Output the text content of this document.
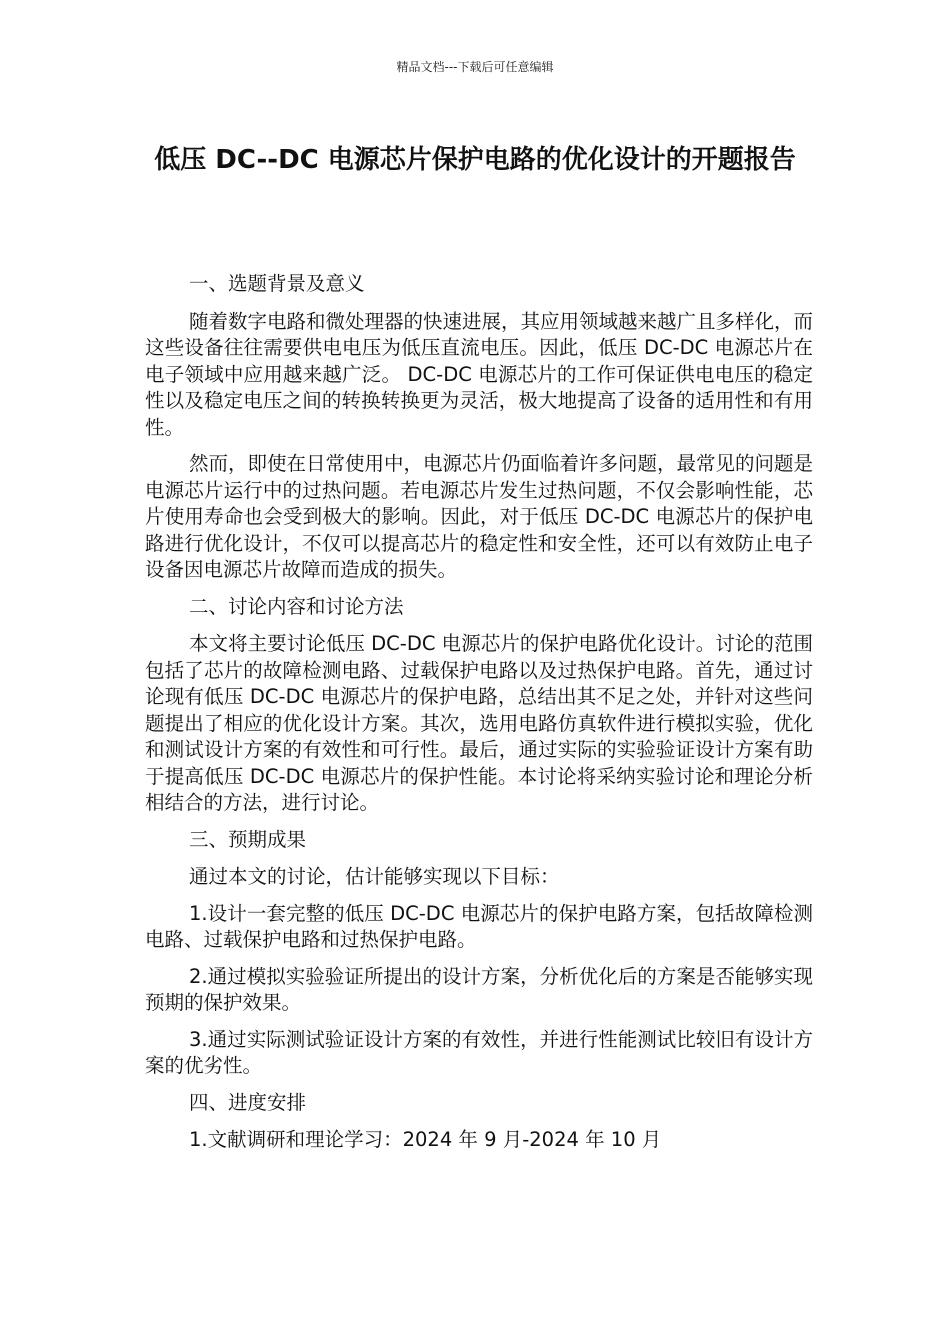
精品文档---下载后可任意编辑
低压 DC--DC 电源芯片保护电路的优化设计的开题报告

一、选题背景及意义

随着数字电路和微处理器的快速进展，其应用领域越来越广且多样化，而这些设备往往需要供电电压为低压直流电压。因此，低压 DC-DC 电源芯片在电子领域中应用越来越广泛。 DC-DC 电源芯片的工作可保证供电电压的稳定性以及稳定电压之间的转换转换更为灵活，极大地提高了设备的适用性和有用性。

然而，即使在日常使用中，电源芯片仍面临着许多问题，最常见的问题是电源芯片运行中的过热问题。若电源芯片发生过热问题，不仅会影响性能，芯片使用寿命也会受到极大的影响。因此，对于低压 DC-DC 电源芯片的保护电路进行优化设计，不仅可以提高芯片的稳定性和安全性，还可以有效防止电子设备因电源芯片故障而造成的损失。

二、讨论内容和讨论方法

本文将主要讨论低压 DC-DC 电源芯片的保护电路优化设计。讨论的范围包括了芯片的故障检测电路、过载保护电路以及过热保护电路。首先，通过讨论现有低压 DC-DC 电源芯片的保护电路，总结出其不足之处，并针对这些问题提出了相应的优化设计方案。其次，选用电路仿真软件进行模拟实验，优化和测试设计方案的有效性和可行性。最后，通过实际的实验验证设计方案有助于提高低压 DC-DC 电源芯片的保护性能。本讨论将采纳实验讨论和理论分析相结合的方法，进行讨论。

三、预期成果

通过本文的讨论，估计能够实现以下目标：

1.设计一套完整的低压 DC-DC 电源芯片的保护电路方案，包括故障检测电路、过载保护电路和过热保护电路。

2.通过模拟实验验证所提出的设计方案，分析优化后的方案是否能够实现预期的保护效果。

3.通过实际测试验证设计方案的有效性，并进行性能测试比较旧有设计方案的优劣性。

四、进度安排

1.文献调研和理论学习：2024 年 9 月-2024 年 10 月
